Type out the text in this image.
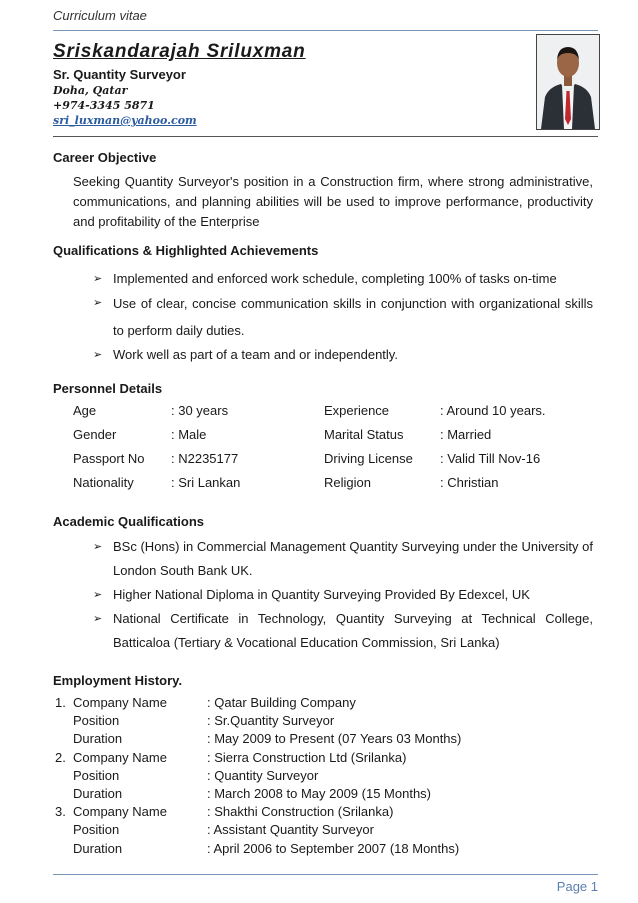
Curriculum vitae
Sriskandarajah Sriluxman
Sr. Quantity Surveyor
Doha, Qatar
+974-3345 5871
sri_luxman@yahoo.com
Career Objective
Seeking Quantity Surveyor's position in a Construction firm, where strong administrative, communications, and planning abilities will be used to improve performance, productivity and profitability of the Enterprise
Qualifications & Highlighted Achievements
➢ Implemented and enforced work schedule, completing 100% of tasks on-time
➢ Use of clear, concise communication skills in conjunction with organizational skills to perform daily duties.
➢ Work well as part of a team and or independently.
Personnel Details
Age	: 30 years	Experience	: Around 10 years.
Gender	: Male	Marital Status	: Married
Passport No	: N2235177	Driving License	: Valid Till Nov-16
Nationality	: Sri Lankan	Religion	: Christian
Academic Qualifications
➢ BSc (Hons) in Commercial Management Quantity Surveying under the University of London South Bank UK.
➢ Higher National Diploma in Quantity Surveying Provided By Edexcel, UK
➢ National Certificate in Technology, Quantity Surveying at Technical College, Batticaloa (Tertiary & Vocational Education Commission, Sri Lanka)
Employment History.
1.	Company Name	: Qatar Building Company
	Position	: Sr.Quantity Surveyor
	Duration	: May 2009 to Present (07 Years 03 Months)
2.	Company Name	: Sierra Construction Ltd (Srilanka)
	Position	: Quantity Surveyor
	Duration	: March 2008 to May 2009 (15 Months)
3.	Company Name	: Shakthi Construction (Srilanka)
	Position	: Assistant Quantity Surveyor
	Duration	: April 2006 to September 2007 (18 Months)
Page 1
